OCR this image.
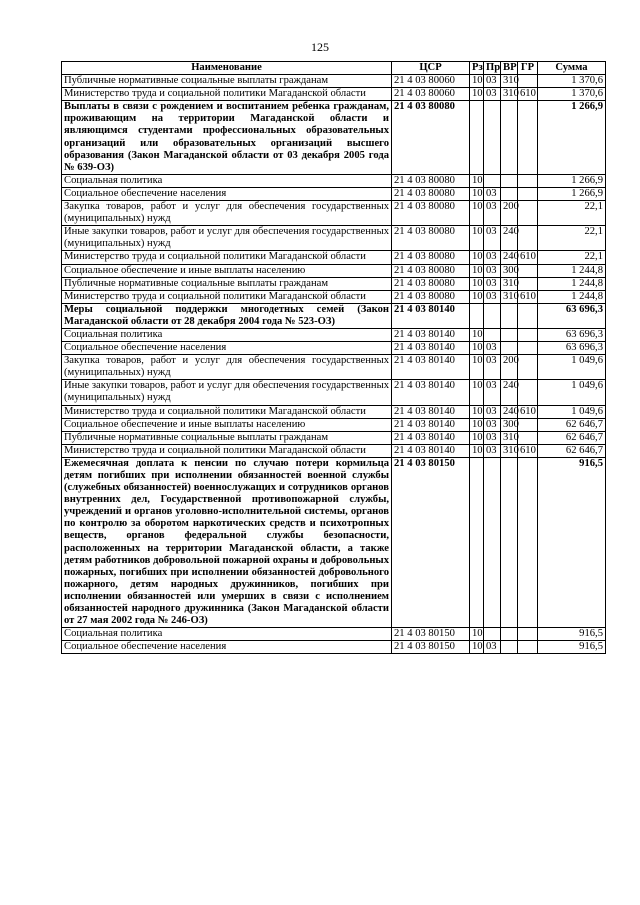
125
Наименование	ЦСР	Рз	Пр	ВР	ГР	Сумма
Публичные нормативные социальные выплаты гражданам	21 4 03 80060	10	03	310		1 370,6
Министерство труда и социальной политики Магаданской области	21 4 03 80060	10	03	310	610	1 370,6
Выплаты в связи с рождением и воспитанием ребенка гражданам, проживающим на территории Магаданской области и являющимся студентами профессиональных образовательных организаций или образовательных организаций высшего образования (Закон Магаданской области от 03 декабря 2005 года № 639-ОЗ)	21 4 03 80080					1 266,9
Социальная политика	21 4 03 80080	10				1 266,9
Социальное обеспечение населения	21 4 03 80080	10	03			1 266,9
Закупка товаров, работ и услуг для обеспечения государственных (муниципальных) нужд	21 4 03 80080	10	03	200		22,1
Иные закупки товаров, работ и услуг для обеспечения государственных (муниципальных) нужд	21 4 03 80080	10	03	240		22,1
Министерство труда и социальной политики Магаданской области	21 4 03 80080	10	03	240	610	22,1
Социальное обеспечение и иные выплаты населению	21 4 03 80080	10	03	300		1 244,8
Публичные нормативные социальные выплаты гражданам	21 4 03 80080	10	03	310		1 244,8
Министерство труда и социальной политики Магаданской области	21 4 03 80080	10	03	310	610	1 244,8
Меры социальной поддержки многодетных семей (Закон Магаданской области от 28 декабря 2004 года № 523-ОЗ)	21 4 03 80140					63 696,3
Социальная политика	21 4 03 80140	10				63 696,3
Социальное обеспечение населения	21 4 03 80140	10	03			63 696,3
Закупка товаров, работ и услуг для обеспечения государственных (муниципальных) нужд	21 4 03 80140	10	03	200		1 049,6
Иные закупки товаров, работ и услуг для обеспечения государственных (муниципальных) нужд	21 4 03 80140	10	03	240		1 049,6
Министерство труда и социальной политики Магаданской области	21 4 03 80140	10	03	240	610	1 049,6
Социальное обеспечение и иные выплаты населению	21 4 03 80140	10	03	300		62 646,7
Публичные нормативные социальные выплаты гражданам	21 4 03 80140	10	03	310		62 646,7
Министерство труда и социальной политики Магаданской области	21 4 03 80140	10	03	310	610	62 646,7
Ежемесячная доплата к пенсии по случаю потери кормильца детям погибших при исполнении обязанностей военной службы (служебных обязанностей) военнослужащих и сотрудников органов внутренних дел, Государственной противопожарной службы, учреждений и органов уголовно-исполнительной системы, органов по контролю за оборотом наркотических средств и психотропных веществ, органов федеральной службы безопасности, расположенных на территории Магаданской области, а также детям работников добровольной пожарной охраны и добровольных пожарных, погибших при исполнении обязанностей добровольного пожарного, детям народных дружинников, погибших при исполнении обязанностей или умерших в связи с исполнением обязанностей народного дружинника (Закон Магаданской области от 27 мая 2002 года № 246-ОЗ)	21 4 03 80150					916,5
Социальная политика	21 4 03 80150	10				916,5
Социальное обеспечение населения	21 4 03 80150	10	03			916,5
